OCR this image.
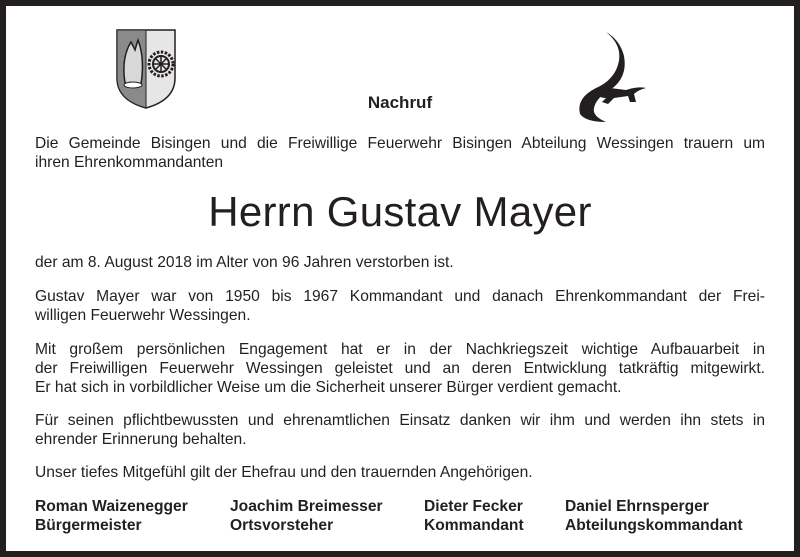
Nachruf
Die Gemeinde Bisingen und die Freiwillige Feuerwehr Bisingen Abteilung Wessingen trauern um
ihren Ehrenkommandanten
Herrn Gustav Mayer
der am 8. August 2018 im Alter von 96 Jahren verstorben ist.
Gustav Mayer war von 1950 bis 1967 Kommandant und danach Ehrenkommandant der Frei-
willigen Feuerwehr Wessingen.
Mit großem persönlichen Engagement hat er in der Nachkriegszeit wichtige Aufbauarbeit in
der Freiwilligen Feuerwehr Wessingen geleistet und an deren Entwicklung tatkräftig mitgewirkt.
Er hat sich in vorbildlicher Weise um die Sicherheit unserer Bürger verdient gemacht.
Für seinen pflichtbewussten und ehrenamtlichen Einsatz danken wir ihm und werden ihn stets in
ehrender Erinnerung behalten.
Unser tiefes Mitgefühl gilt der Ehefrau und den trauernden Angehörigen.
Roman Waizenegger
Bürgermeister
Joachim Breimesser
Ortsvorsteher
Dieter Fecker
Kommandant
Daniel Ehrnsperger
Abteilungskommandant
